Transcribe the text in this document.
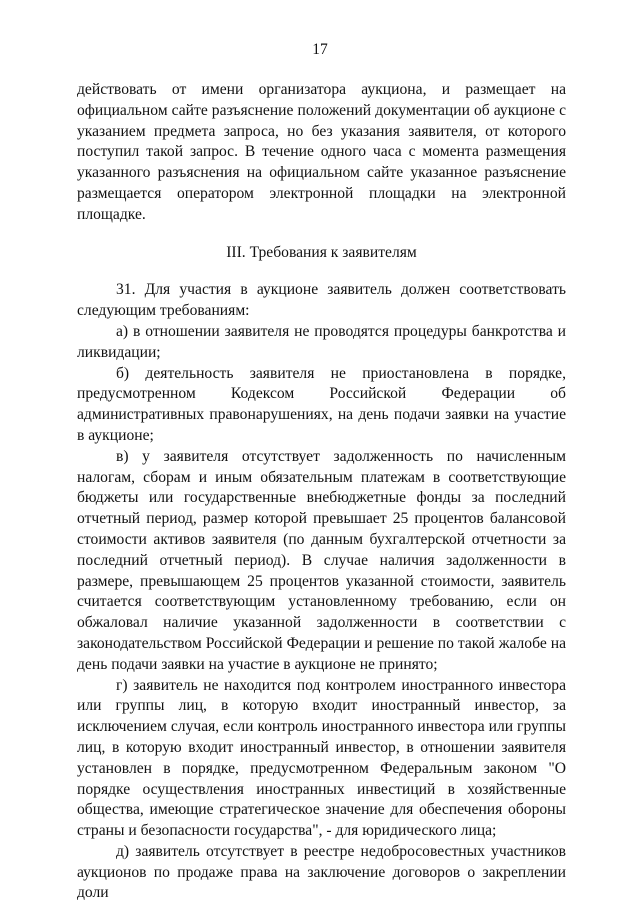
17

действовать от имени организатора аукциона, и размещает на официальном сайте разъяснение положений документации об аукционе с указанием предмета запроса, но без указания заявителя, от которого поступил такой запрос. В течение одного часа с момента размещения указанного разъяснения на официальном сайте указанное разъяснение размещается оператором электронной площадки на электронной площадке.

III. Требования к заявителям

31. Для участия в аукционе заявитель должен соответствовать следующим требованиям:

а) в отношении заявителя не проводятся процедуры банкротства и ликвидации;

б) деятельность заявителя не приостановлена в порядке, предусмотренном Кодексом Российской Федерации об административных правонарушениях, на день подачи заявки на участие в аукционе;

в) у заявителя отсутствует задолженность по начисленным налогам, сборам и иным обязательным платежам в соответствующие бюджеты или государственные внебюджетные фонды за последний отчетный период, размер которой превышает 25 процентов балансовой стоимости активов заявителя (по данным бухгалтерской отчетности за последний отчетный период). В случае наличия задолженности в размере, превышающем 25 процентов указанной стоимости, заявитель считается соответствующим установленному требованию, если он обжаловал наличие указанной задолженности в соответствии с законодательством Российской Федерации и решение по такой жалобе на день подачи заявки на участие в аукционе не принято;

г) заявитель не находится под контролем иностранного инвестора или группы лиц, в которую входит иностранный инвестор, за исключением случая, если контроль иностранного инвестора или группы лиц, в которую входит иностранный инвестор, в отношении заявителя установлен в порядке, предусмотренном Федеральным законом "О порядке осуществления иностранных инвестиций в хозяйственные общества, имеющие стратегическое значение для обеспечения обороны страны и безопасности государства", - для юридического лица;

д) заявитель отсутствует в реестре недобросовестных участников аукционов по продаже права на заключение договоров о закреплении доли
